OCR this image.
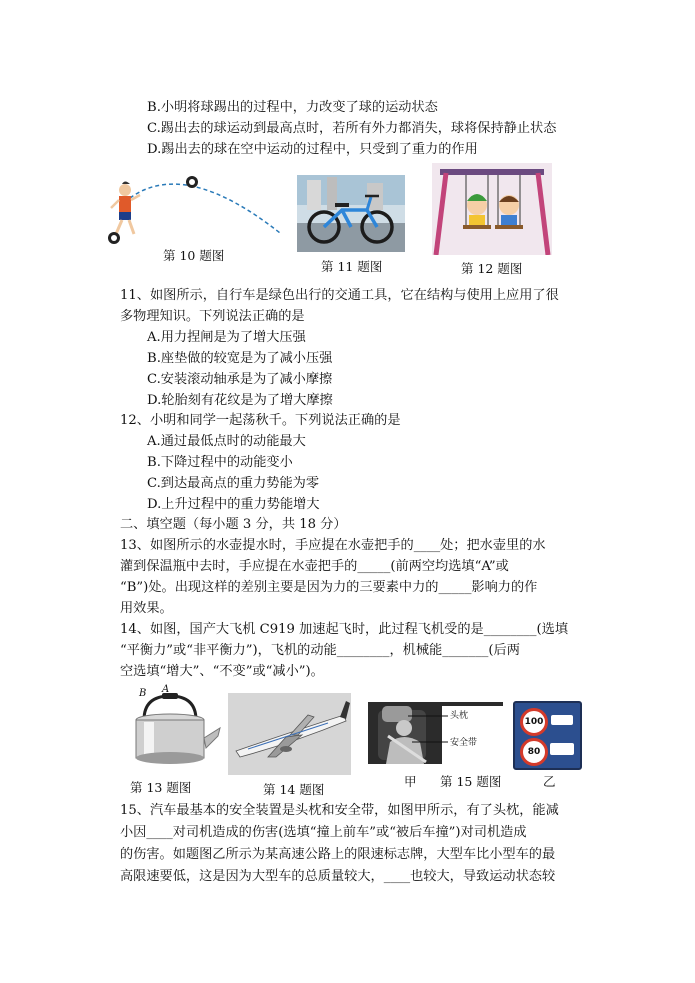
B.小明将球踢出的过程中，力改变了球的运动状态
C.踢出去的球运动到最高点时，若所有外力都消失，球将保持静止状态
D.踢出去的球在空中运动的过程中，只受到了重力的作用
第 10 题图
第 11 题图	第 12 题图
11、如图所示，自行车是绿色出行的交通工具，它在结构与使用上应用了很
多物理知识。下列说法正确的是
A.用力捏闸是为了增大压强
B.座垫做的较宽是为了减小压强
C.安装滚动轴承是为了减小摩擦
D.轮胎刻有花纹是为了增大摩擦
12、小明和同学一起荡秋千。下列说法正确的是
A.通过最低点时的动能最大
B.下降过程中的动能变小
C.到达最高点的重力势能为零
D.上升过程中的重力势能增大
二、填空题（每小题 3 分，共 18 分）
13、如图所示的水壶提水时，手应提在水壶把手的____处；把水壶里的水
灌到保温瓶中去时，手应提在水壶把手的_____(前两空均选填“A”或
“B”)处。出现这样的差别主要是因为力的三要素中力的_____影响力的作
用效果。
14、如图，国产大飞机 C919 加速起飞时，此过程飞机受的是________(选填
“平衡力”或“非平衡力”)，飞机的动能________，机械能_______(后两
空选填“增大”、“不变”或“减小”)。
B A
第 13 题图	第 14 题图
头枕
安全带
100
80
甲 第 15 题图	乙
15、汽车最基本的安全装置是头枕和安全带，如图甲所示，有了头枕，能减
小因____对司机造成的伤害(选填“撞上前车”或“被后车撞”)对司机造成
的伤害。如题图乙所示为某高速公路上的限速标志牌，大型车比小型车的最
高限速要低，这是因为大型车的总质量较大，____也较大，导致运动状态较
